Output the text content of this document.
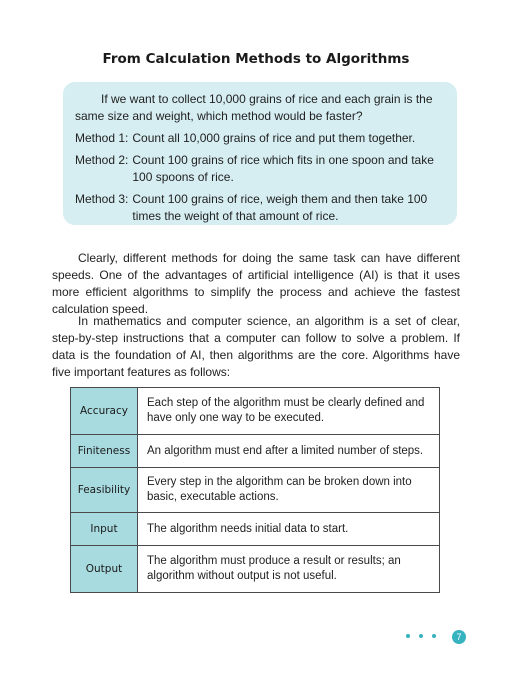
From Calculation Methods to Algorithms

If we want to collect 10,000 grains of rice and each grain is the same size and weight, which method would be faster?

Method 1: Count all 10,000 grains of rice and put them together.
Method 2: Count 100 grains of rice which fits in one spoon and take 100 spoons of rice.
Method 3: Count 100 grains of rice, weigh them and then take 100 times the weight of that amount of rice.

Clearly, different methods for doing the same task can have different speeds. One of the advantages of artificial intelligence (AI) is that it uses more efficient algorithms to simplify the process and achieve the fastest calculation speed.

In mathematics and computer science, an algorithm is a set of clear, step-by-step instructions that a computer can follow to solve a problem. If data is the foundation of AI, then algorithms are the core. Algorithms have five important features as follows:

Accuracy	Each step of the algorithm must be clearly defined and have only one way to be executed.
Finiteness	An algorithm must end after a limited number of steps.
Feasibility	Every step in the algorithm can be broken down into basic, executable actions.
Input	The algorithm needs initial data to start.
Output	The algorithm must produce a result or results; an algorithm without output is not useful.
7
